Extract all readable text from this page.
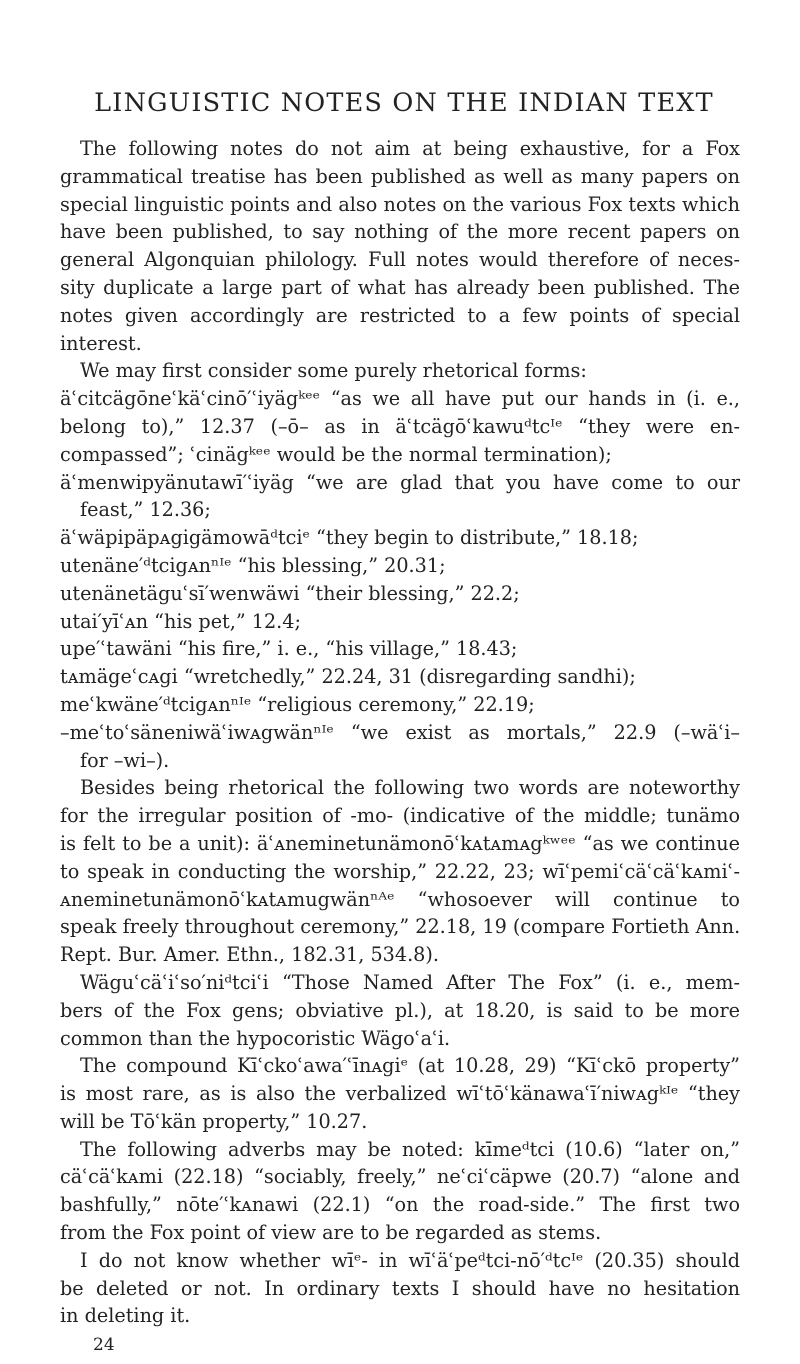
LINGUISTIC NOTES ON THE INDIAN TEXT
The following notes do not aim at being exhaustive, for a Fox
grammatical treatise has been published as well as many papers on
special linguistic points and also notes on the various Fox texts which
have been published, to say nothing of the more recent papers on
general Algonquian philology. Full notes would therefore of neces-
sity duplicate a large part of what has already been published. The
notes given accordingly are restricted to a few points of special
interest.
We may first consider some purely rhetorical forms:
äʿcitcägōneʿkäʿcinō′ʿiyägᵏᵉᵉ “as we all have put our hands in (i. e.,
belong to),” 12.37 (–ō– as in äʿtcägōʿkawuᵈtcᴵᵉ “they were en-
compassed”; ʿcinägᵏᵉᵉ would be the normal termination);
äʿmenwipyänutawī′ʿiyäg “we are glad that you have come to our
feast,” 12.36;
äʿwäpipäpᴀgigämowāᵈtciᵉ “they begin to distribute,” 18.18;
utenäne′ᵈtcigᴀnⁿᴵᵉ “his blessing,” 20.31;
utenänetäguʿsī′wenwäwi “their blessing,” 22.2;
utai′yīʿᴀn “his pet,” 12.4;
upe′ʿtawäni “his fire,” i. e., “his village,” 18.43;
tᴀmägeʿcᴀgi “wretchedly,” 22.24, 31 (disregarding sandhi);
meʿkwäne′ᵈtcigᴀnⁿᴵᵉ “religious ceremony,” 22.19;
–meʿtoʿsäneniwäʿiwᴀgwänⁿᴵᵉ “we exist as mortals,” 22.9 (–wäʿi–
for –wi–).
Besides being rhetorical the following two words are noteworthy
for the irregular position of -mo- (indicative of the middle; tunämo
is felt to be a unit): äʿᴀneminetunämonōʿkᴀtᴀmᴀgᵏʷᵉᵉ “as we continue
to speak in conducting the worship,” 22.22, 23; wīʿpemiʿcäʿcäʿkᴀmiʿ-
ᴀneminetunämonōʿkᴀtᴀmugwänⁿᴬᵉ “whosoever will continue to
speak freely throughout ceremony,” 22.18, 19 (compare Fortieth Ann.
Rept. Bur. Amer. Ethn., 182.31, 534.8).
Wäguʿcäʿiʿso′niᵈtciʿi “Those Named After The Fox” (i. e., mem-
bers of the Fox gens; obviative pl.), at 18.20, is said to be more
common than the hypocoristic Wägoʿaʿi.
The compound Kīʿckoʿawa′ʿīnᴀgiᵉ (at 10.28, 29) “Kīʿckō property”
is most rare, as is also the verbalized wīʿtōʿkänawaʿī′niwᴀgᵏᴵᵉ “they
will be Tōʿkän property,” 10.27.
The following adverbs may be noted: kīmeᵈtci (10.6) “later on,”
cäʿcäʿkᴀmi (22.18) “sociably, freely,” neʿciʿcäpwe (20.7) “alone and
bashfully,” nōte′ʿkᴀnawi (22.1) “on the road-side.” The first two
from the Fox point of view are to be regarded as stems.
I do not know whether wīᵉ- in wīʿäʿpeᵈtci-nō′ᵈtcᴵᵉ (20.35) should
be deleted or not. In ordinary texts I should have no hesitation
in deleting it.
24
